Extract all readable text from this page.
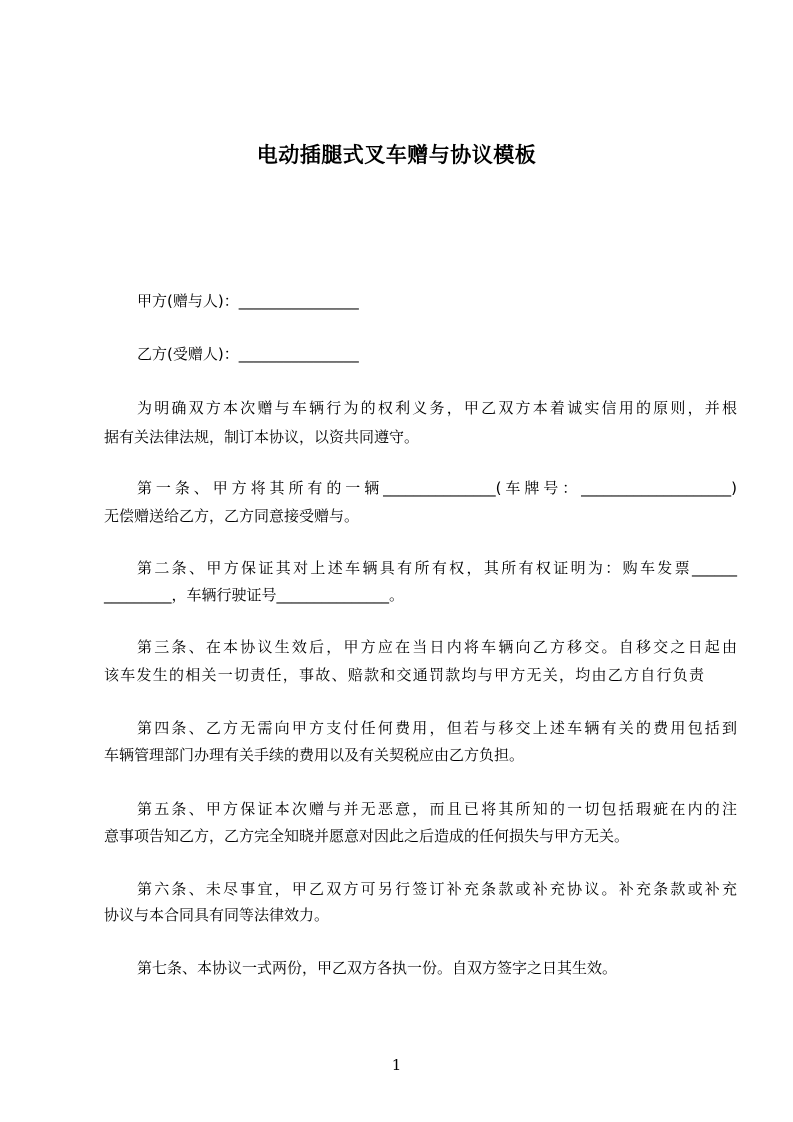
电动插腿式叉车赠与协议模板
甲方(赠与人)：________________
乙方(受赠人)：________________
为明确双方本次赠与车辆行为的权利义务，甲乙双方本着诚实信用的原则，并根
据有关法律法规，制订本协议，以资共同遵守。
第一条、甲方将其所有的一辆_______________(车牌号：____________________)
无偿赠送给乙方，乙方同意接受赠与。
第二条、甲方保证其对上述车辆具有所有权，其所有权证明为：购车发票______
_________，车辆行驶证号_______________。
第三条、在本协议生效后，甲方应在当日内将车辆向乙方移交。自移交之日起由
该车发生的相关一切责任，事故、赔款和交通罚款均与甲方无关，均由乙方自行负责
第四条、乙方无需向甲方支付任何费用，但若与移交上述车辆有关的费用包括到
车辆管理部门办理有关手续的费用以及有关契税应由乙方负担。
第五条、甲方保证本次赠与并无恶意，而且已将其所知的一切包括瑕疵在内的注
意事项告知乙方，乙方完全知晓并愿意对因此之后造成的任何损失与甲方无关。
第六条、未尽事宜，甲乙双方可另行签订补充条款或补充协议。补充条款或补充
协议与本合同具有同等法律效力。
第七条、本协议一式两份，甲乙双方各执一份。自双方签字之日其生效。
1
